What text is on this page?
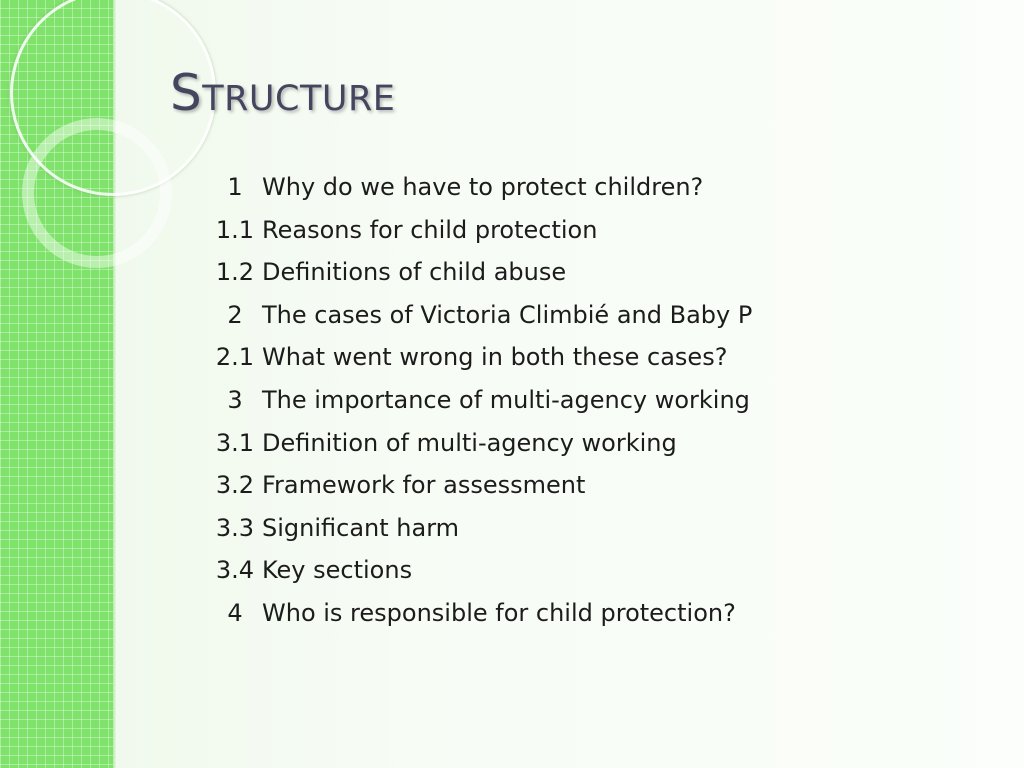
Structure
1 Why do we have to protect children?
1.1 Reasons for child protection
1.2 Definitions of child abuse
2 The cases of Victoria Climbié and Baby P
2.1 What went wrong in both these cases?
3 The importance of multi-agency working
3.1 Definition of multi-agency working
3.2 Framework for assessment
3.3 Significant harm
3.4 Key sections
4 Who is responsible for child protection?
